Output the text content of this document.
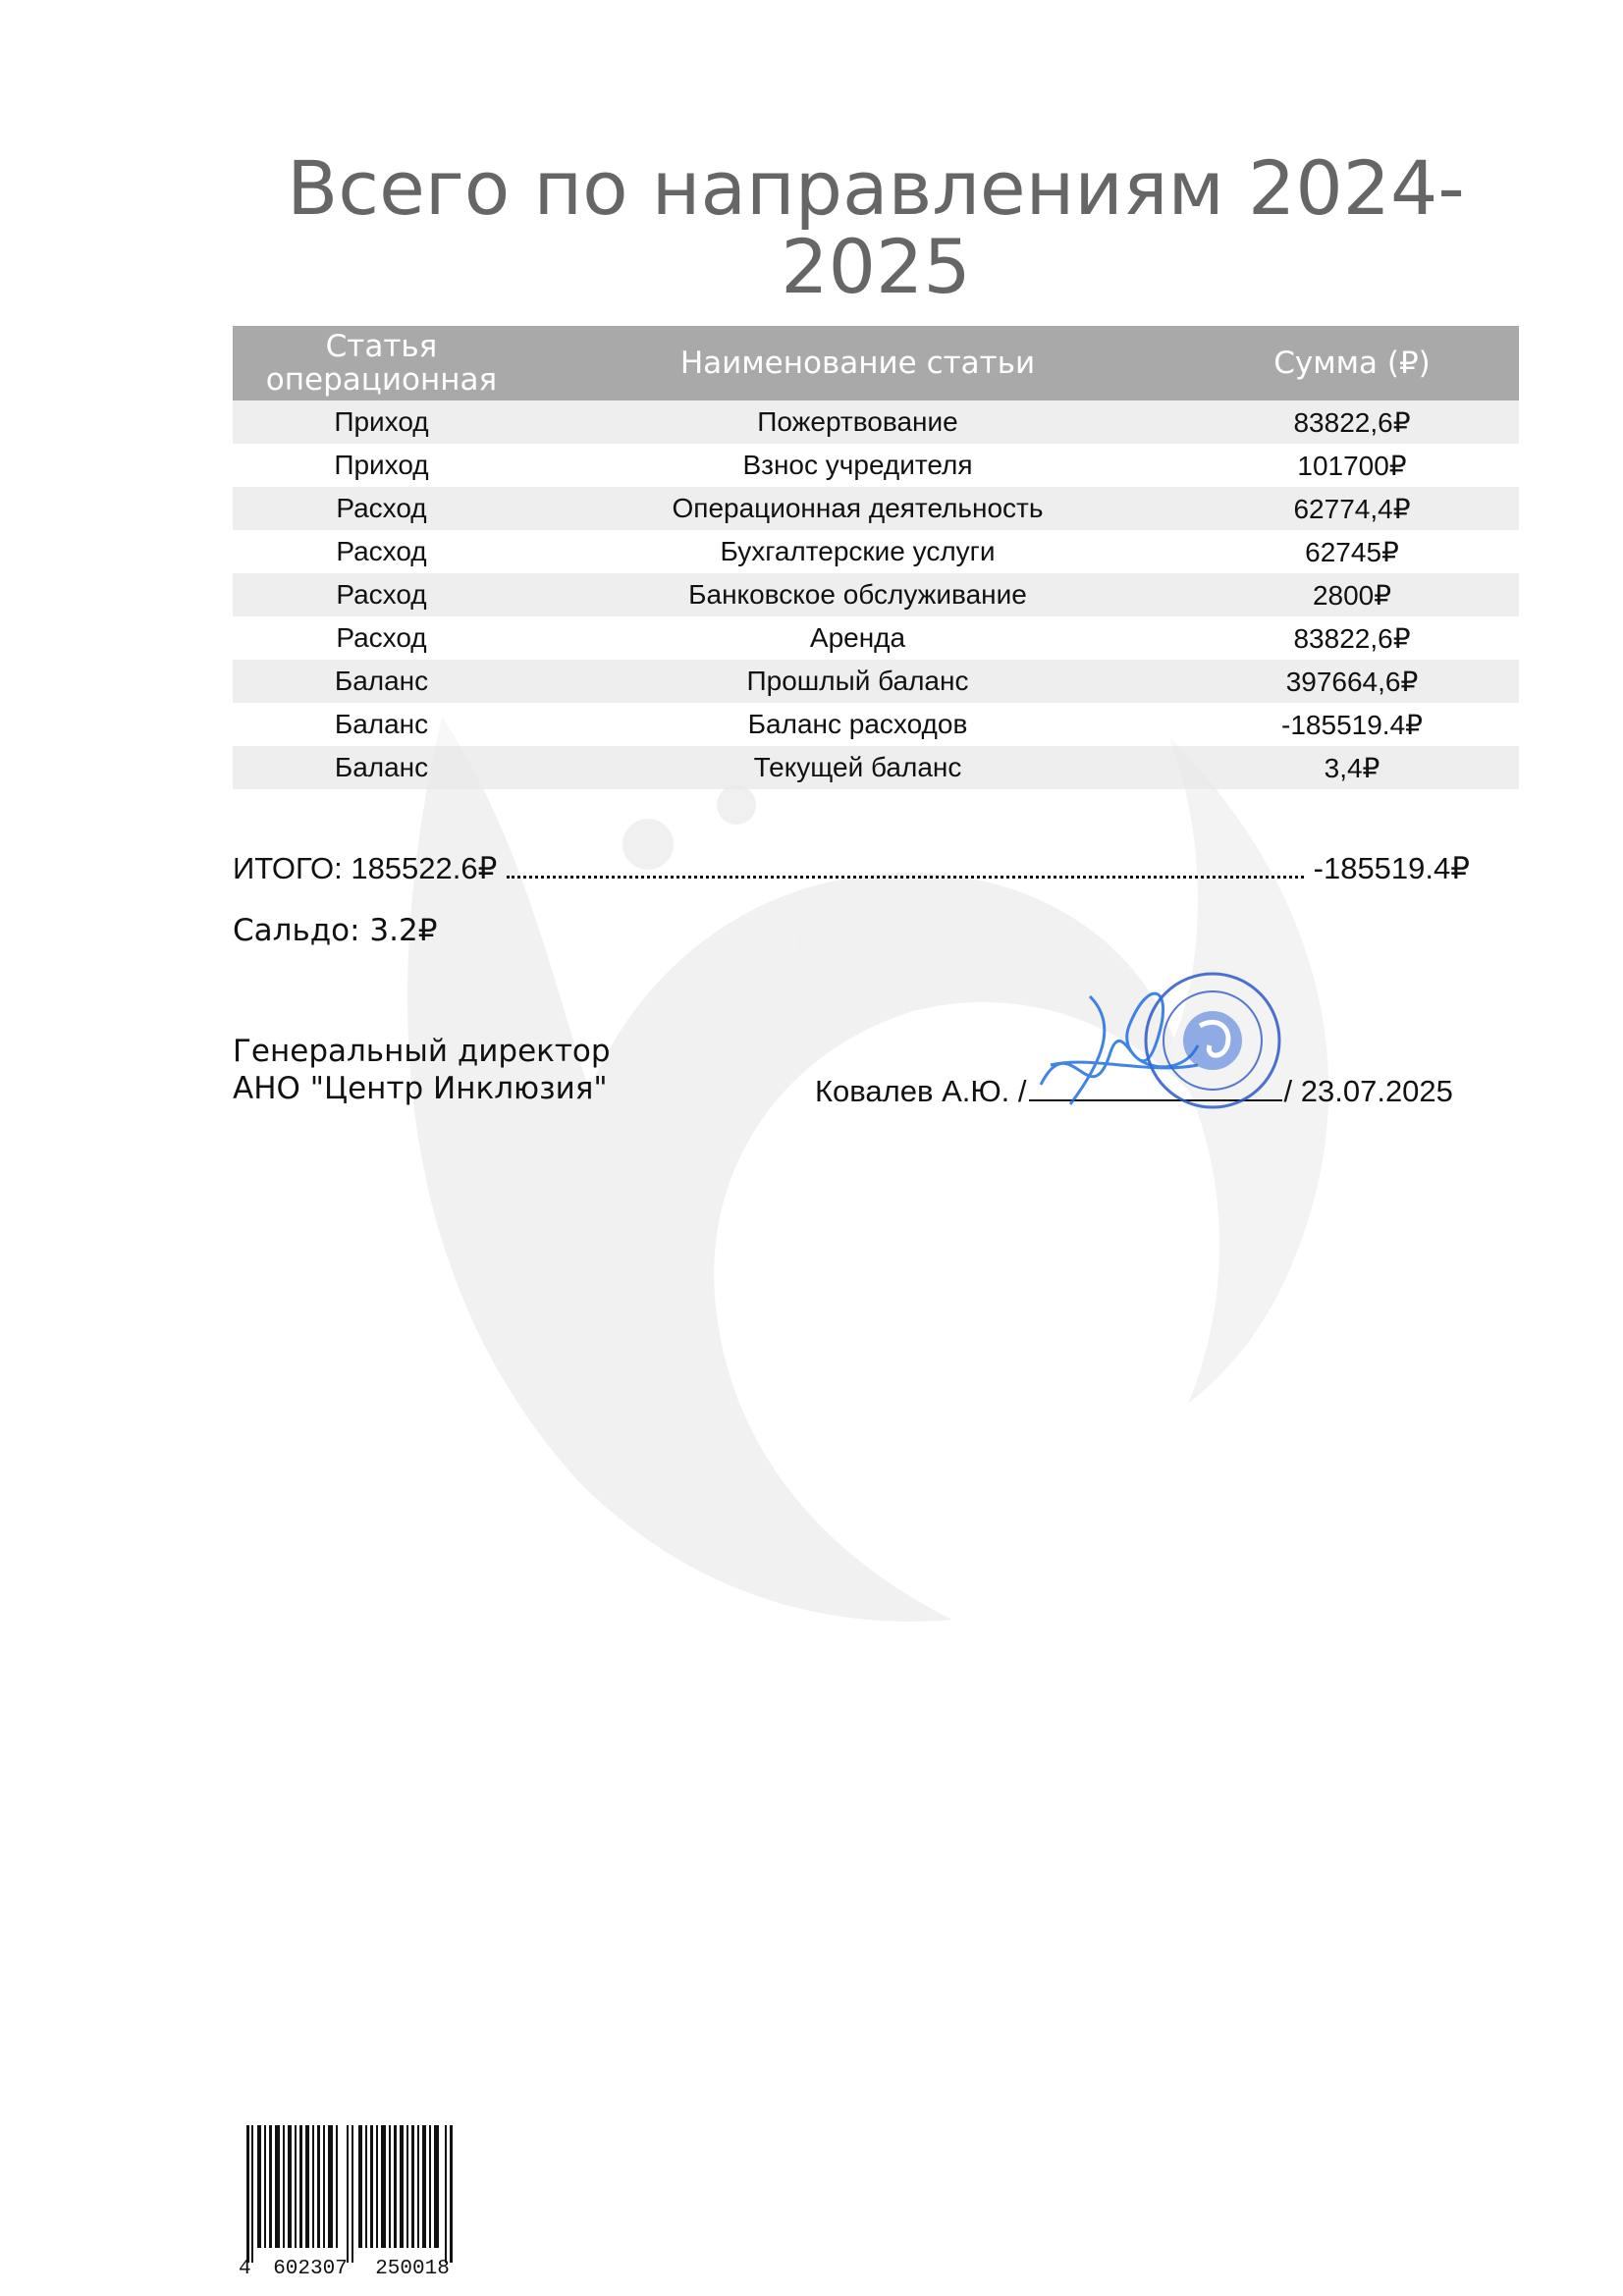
Всего по направлениям 2024-2025
Статья операционная	Наименование статьи	Сумма (₽)
Приход	Пожертвование	83822,6₽
Приход	Взнос учредителя	101700₽
Расход	Операционная деятельность	62774,4₽
Расход	Бухгалтерские услуги	62745₽
Расход	Банковское обслуживание	2800₽
Расход	Аренда	83822,6₽
Баланс	Прошлый баланс	397664,6₽
Баланс	Баланс расходов	-185519.4₽
Баланс	Текущей баланс	3,4₽
ИТОГО: 185522.6₽	-185519.4₽
Сальдо: 3.2₽
Генеральный директор
АНО "Центр Инклюзия"	Ковалев А.Ю. /	/ 23.07.2025
4	602307	250018
